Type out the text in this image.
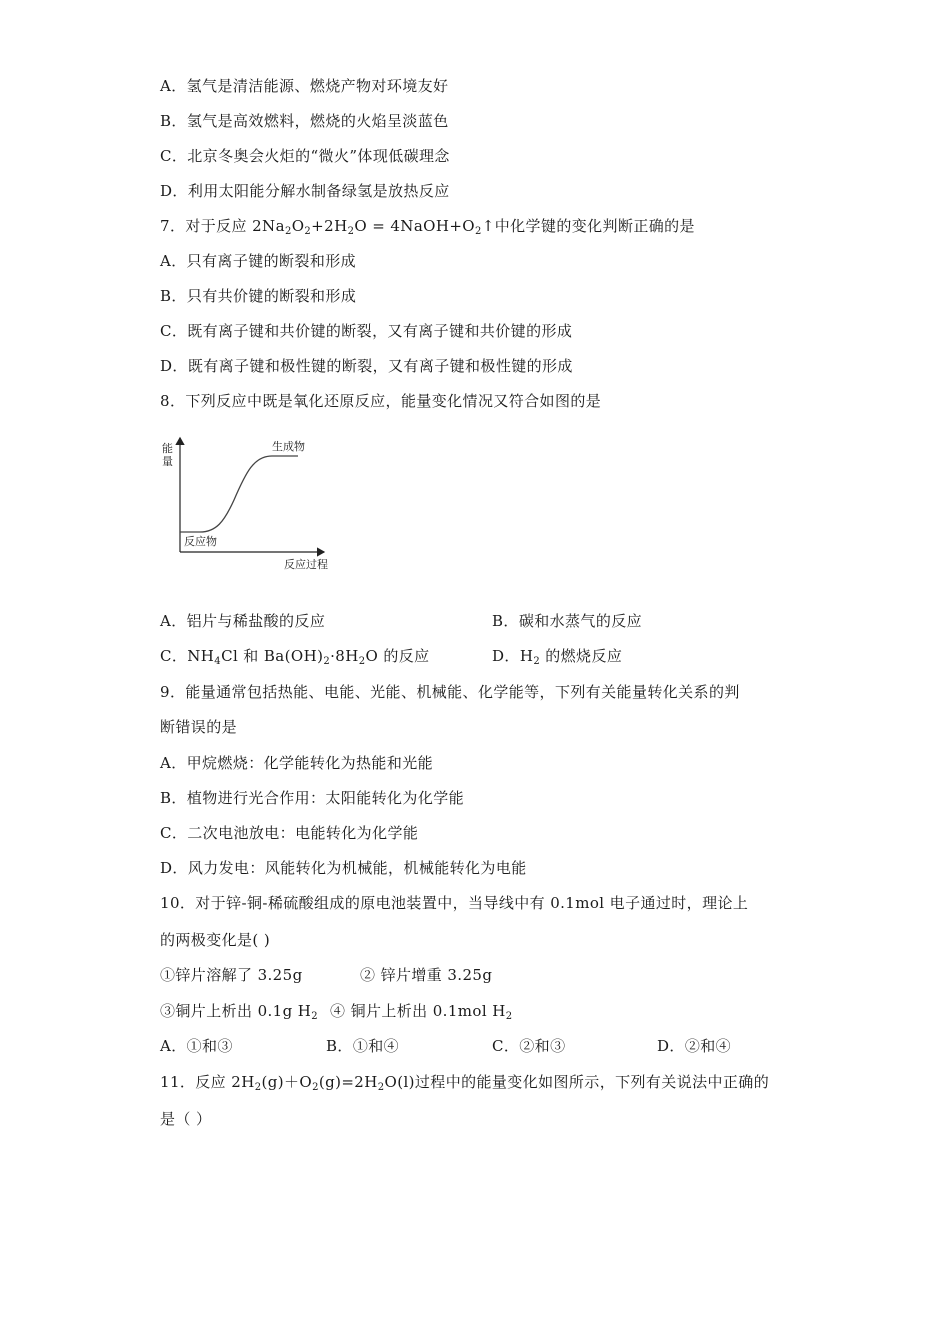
A．氢气是清洁能源、燃烧产物对环境友好
B．氢气是高效燃料，燃烧的火焰呈淡蓝色
C．北京冬奥会火炬的“微火”体现低碳理念
D．利用太阳能分解水制备绿氢是放热反应
7．对于反应 $2Na_2O_2+2H_2O$ = $4NaOH+O_2↑$中化学键的变化判断正确的是
A．只有离子键的断裂和形成
B．只有共价键的断裂和形成
C．既有离子键和共价键的断裂，又有离子键和共价键的形成
D．既有离子键和极性键的断裂，又有离子键和极性键的形成
8．下列反应中既是氧化还原反应，能量变化情况又符合如图的是
能
量
生成物
反应物
反应过程
A．铝片与稀盐酸的反应	B．碳和水蒸气的反应
C．$NH_4Cl$ 和 $Ba(OH)_2\cdot 8H_2O$ 的反应	D．$H_2$ 的燃烧反应
9．能量通常包括热能、电能、光能、机械能、化学能等，下列有关能量转化关系的判
断错误的是
A．甲烷燃烧：化学能转化为热能和光能
B．植物进行光合作用：太阳能转化为化学能
C．二次电池放电：电能转化为化学能
D．风力发电：风能转化为机械能，机械能转化为电能
10．对于锌-铜-稀硫酸组成的原电池装置中，当导线中有 0.1mol 电子通过时，理论上
的两极变化是( )
①锌片溶解了 3.25g	② 锌片增重 3.25g
③铜片上析出 0.1g $H_2$ ④ 铜片上析出 0.1mol $H_2$
A．①和③	B．①和④	C．②和③	D．②和④
11．反应 $2H_2(g)+O_2(g)=2H_2O(l)$过程中的能量变化如图所示，下列有关说法中正确的
是（ ）
